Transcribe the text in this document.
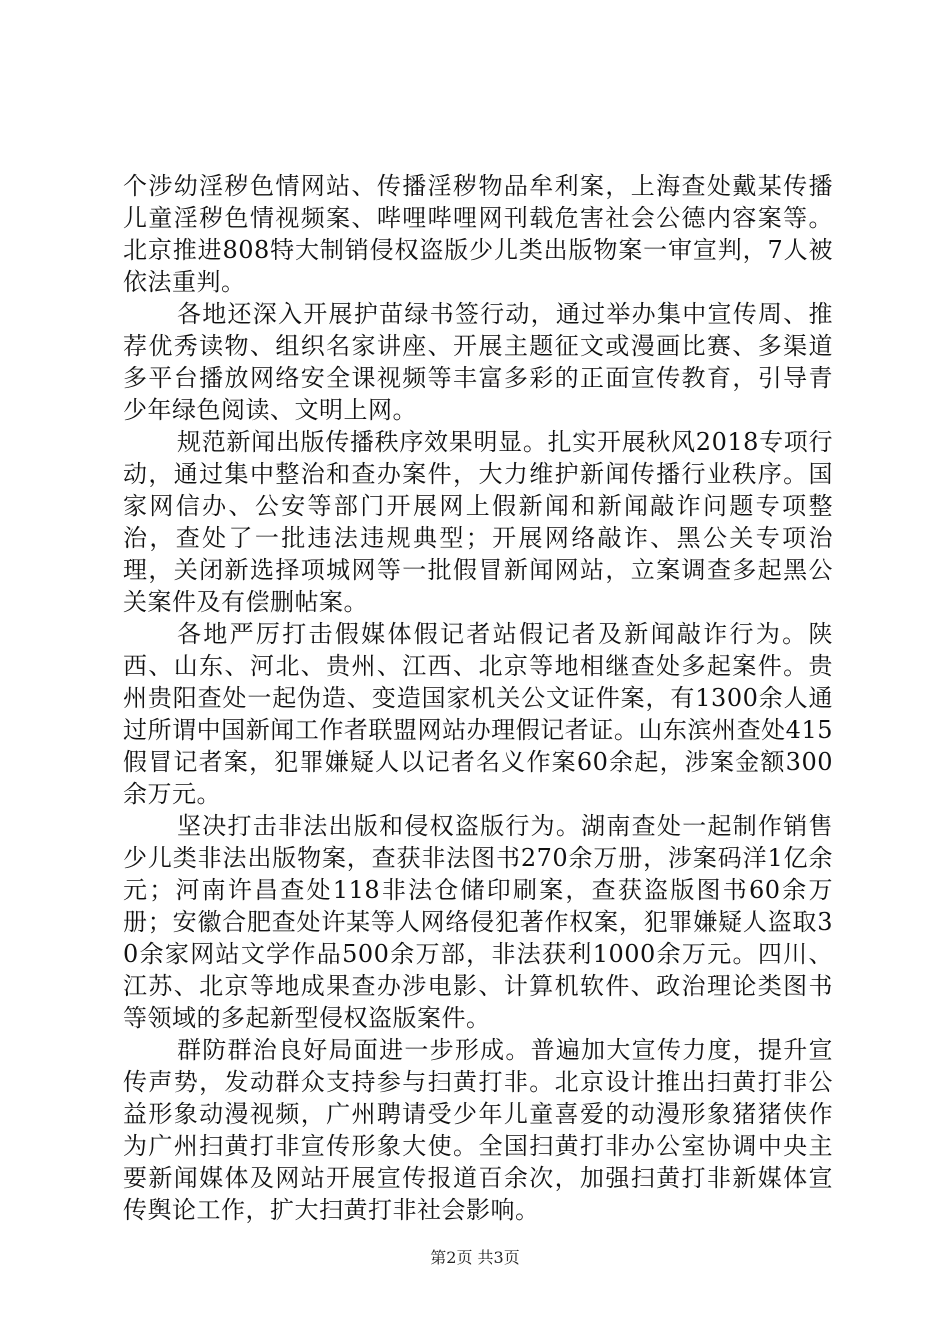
个涉幼淫秽色情网站、传播淫秽物品牟利案，上海查处戴某传播儿童淫秽色情视频案、哔哩哔哩网刊载危害社会公德内容案等。北京推进808特大制销侵权盗版少儿类出版物案一审宣判，7人被依法重判。

各地还深入开展护苗绿书签行动，通过举办集中宣传周、推荐优秀读物、组织名家讲座、开展主题征文或漫画比赛、多渠道多平台播放网络安全课视频等丰富多彩的正面宣传教育，引导青少年绿色阅读、文明上网。

规范新闻出版传播秩序效果明显。扎实开展秋风2018专项行动，通过集中整治和查办案件，大力维护新闻传播行业秩序。国家网信办、公安等部门开展网上假新闻和新闻敲诈问题专项整治，查处了一批违法违规典型；开展网络敲诈、黑公关专项治理，关闭新选择项城网等一批假冒新闻网站，立案调查多起黑公关案件及有偿删帖案。

各地严厉打击假媒体假记者站假记者及新闻敲诈行为。陕西、山东、河北、贵州、江西、北京等地相继查处多起案件。贵州贵阳查处一起伪造、变造国家机关公文证件案，有1300余人通过所谓中国新闻工作者联盟网站办理假记者证。山东滨州查处415假冒记者案，犯罪嫌疑人以记者名义作案60余起，涉案金额300余万元。

坚决打击非法出版和侵权盗版行为。湖南查处一起制作销售少儿类非法出版物案，查获非法图书270余万册，涉案码洋1亿余元；河南许昌查处118非法仓储印刷案，查获盗版图书60余万册；安徽合肥查处许某等人网络侵犯著作权案，犯罪嫌疑人盗取30余家网站文学作品500余万部，非法获利1000余万元。四川、江苏、北京等地成果查办涉电影、计算机软件、政治理论类图书等领域的多起新型侵权盗版案件。

群防群治良好局面进一步形成。普遍加大宣传力度，提升宣传声势，发动群众支持参与扫黄打非。北京设计推出扫黄打非公益形象动漫视频，广州聘请受少年儿童喜爱的动漫形象猪猪侠作为广州扫黄打非宣传形象大使。全国扫黄打非办公室协调中央主要新闻媒体及网站开展宣传报道百余次，加强扫黄打非新媒体宣传舆论工作，扩大扫黄打非社会影响。

第2页 共3页
